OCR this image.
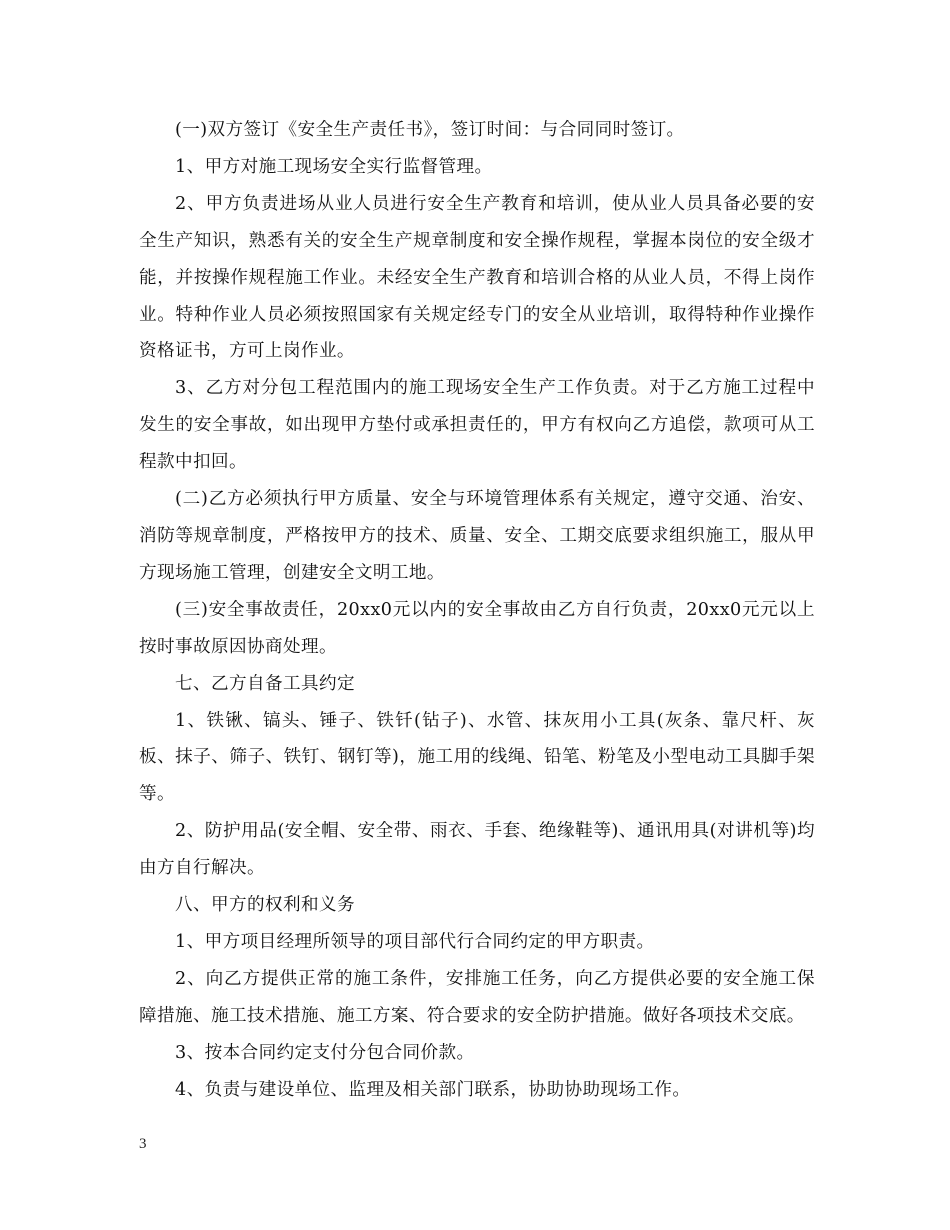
(一)双方签订《安全生产责任书》，签订时间：与合同同时签订。

1、甲方对施工现场安全实行监督管理。

2、甲方负责进场从业人员进行安全生产教育和培训，使从业人员具备必要的安全生产知识，熟悉有关的安全生产规章制度和安全操作规程，掌握本岗位的安全级才能，并按操作规程施工作业。未经安全生产教育和培训合格的从业人员，不得上岗作业。特种作业人员必须按照国家有关规定经专门的安全从业培训，取得特种作业操作资格证书，方可上岗作业。

3、乙方对分包工程范围内的施工现场安全生产工作负责。对于乙方施工过程中发生的安全事故，如出现甲方垫付或承担责任的，甲方有权向乙方追偿，款项可从工程款中扣回。

(二)乙方必须执行甲方质量、安全与环境管理体系有关规定，遵守交通、治安、消防等规章制度，严格按甲方的技术、质量、安全、工期交底要求组织施工，服从甲方现场施工管理，创建安全文明工地。

(三)安全事故责任，20xx0元以内的安全事故由乙方自行负责，20xx0元元以上按时事故原因协商处理。

七、乙方自备工具约定

1、铁锹、镐头、锤子、铁钎(钻子)、水管、抹灰用小工具(灰条、靠尺杆、灰板、抹子、筛子、铁钉、钢钉等)，施工用的线绳、铅笔、粉笔及小型电动工具脚手架等。

2、防护用品(安全帽、安全带、雨衣、手套、绝缘鞋等)、通讯用具(对讲机等)均由方自行解决。

八、甲方的权利和义务

1、甲方项目经理所领导的项目部代行合同约定的甲方职责。

2、向乙方提供正常的施工条件，安排施工任务，向乙方提供必要的安全施工保障措施、施工技术措施、施工方案、符合要求的安全防护措施。做好各项技术交底。

3、按本合同约定支付分包合同价款。

4、负责与建设单位、监理及相关部门联系，协助协助现场工作。

3
